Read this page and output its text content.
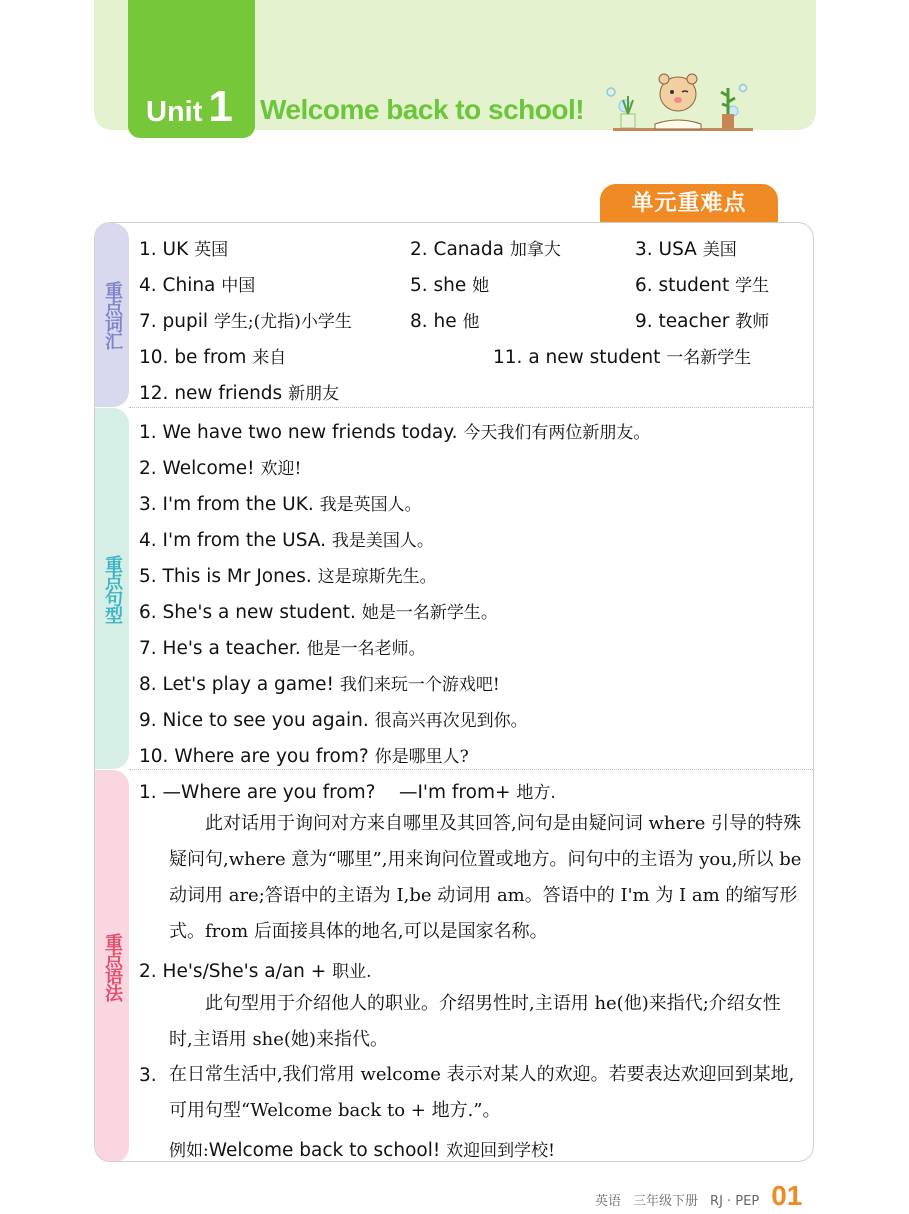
Unit 1 Welcome back to school!
单元重难点
重点词汇
1. UK 英国	2. Canada 加拿大	3. USA 美国
4. China 中国	5. she 她	6. student 学生
7. pupil 学生;(尤指)小学生	8. he 他	9. teacher 教师
10. be from 来自	11. a new student 一名新学生
12. new friends 新朋友
重点句型
1. We have two new friends today. 今天我们有两位新朋友。
2. Welcome! 欢迎!
3. I'm from the UK. 我是英国人。
4. I'm from the USA. 我是美国人。
5. This is Mr Jones. 这是琼斯先生。
6. She's a new student. 她是一名新学生。
7. He's a teacher. 他是一名老师。
8. Let's play a game! 我们来玩一个游戏吧!
9. Nice to see you again. 很高兴再次见到你。
10. Where are you from? 你是哪里人?
重点语法
1. —Where are you from?    —I'm from+ 地方.
此对话用于询问对方来自哪里及其回答,问句是由疑问词 where 引导的特殊疑问句,where 意为“哪里”,用来询问位置或地方。问句中的主语为 you,所以 be 动词用 are;答语中的主语为 I,be 动词用 am。答语中的 I'm 为 I am 的缩写形式。from 后面接具体的地名,可以是国家名称。
2. He's/She's a/an + 职业.
此句型用于介绍他人的职业。介绍男性时,主语用 he(他)来指代;介绍女性时,主语用 she(她)来指代。
3. 在日常生活中,我们常用 welcome 表示对某人的欢迎。若要表达欢迎回到某地,可用句型“Welcome back to + 地方.”。
例如:Welcome back to school! 欢迎回到学校!
英语 三年级下册 RJ · PEP 01
